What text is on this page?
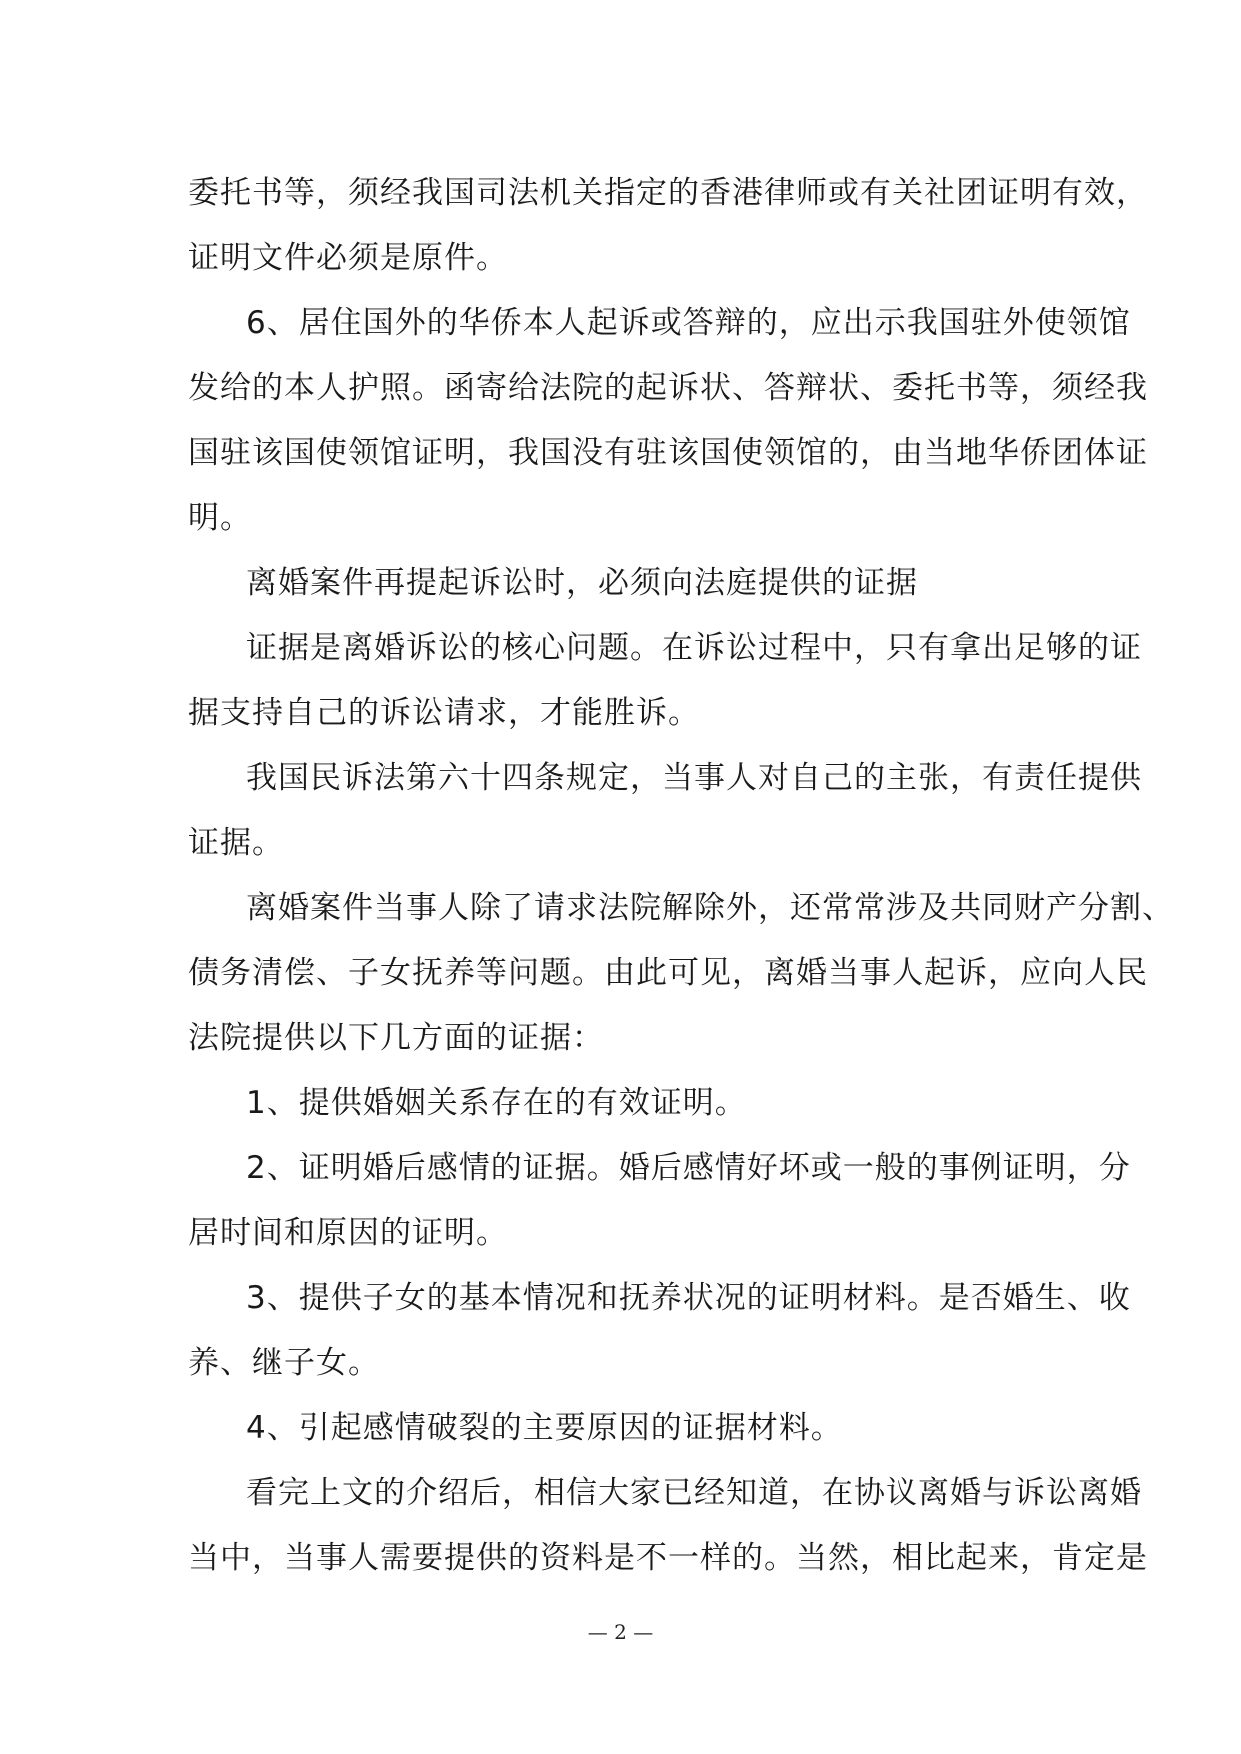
委托书等，须经我国司法机关指定的香港律师或有关社团证明有效，
证明文件必须是原件。
6、居住国外的华侨本人起诉或答辩的，应出示我国驻外使领馆
发给的本人护照。函寄给法院的起诉状、答辩状、委托书等，须经我
国驻该国使领馆证明，我国没有驻该国使领馆的，由当地华侨团体证
明。
离婚案件再提起诉讼时，必须向法庭提供的证据
证据是离婚诉讼的核心问题。在诉讼过程中，只有拿出足够的证
据支持自己的诉讼请求，才能胜诉。
我国民诉法第六十四条规定，当事人对自己的主张，有责任提供
证据。
离婚案件当事人除了请求法院解除外，还常常涉及共同财产分割、
债务清偿、子女抚养等问题。由此可见，离婚当事人起诉，应向人民
法院提供以下几方面的证据：
1、提供婚姻关系存在的有效证明。
2、证明婚后感情的证据。婚后感情好坏或一般的事例证明，分
居时间和原因的证明。
3、提供子女的基本情况和抚养状况的证明材料。是否婚生、收
养、继子女。
4、引起感情破裂的主要原因的证据材料。
看完上文的介绍后，相信大家已经知道，在协议离婚与诉讼离婚
当中，当事人需要提供的资料是不一样的。当然，相比起来，肯定是
— 2 —
